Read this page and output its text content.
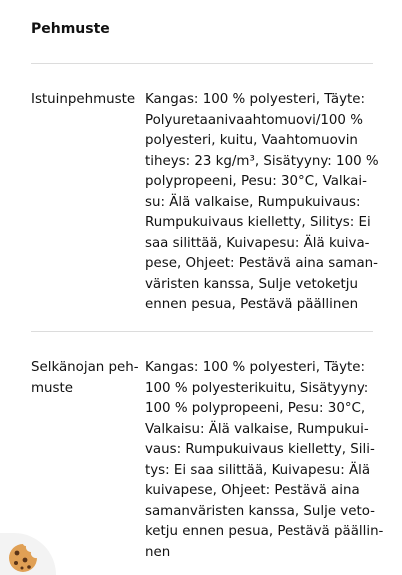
Pehmuste
Istuinpehmuste Kangas: 100 % polyesteri, Täyte:
Polyuretaanivaahtomuovi/100 %
polyesteri, kuitu, Vaahtomuovin
tiheys: 23 kg/m³, Sisätyyny: 100 %
polypropeeni, Pesu: 30°C, Valkai-
su: Älä valkaise, Rumpukuivaus:
Rumpukuivaus kielletty, Silitys: Ei
saa silittää, Kuivapesu: Älä kuiva-
pese, Ohjeet: Pestävä aina saman-
väristen kanssa, Sulje vetoketju
ennen pesua, Pestävä päällinen
Selkänojan peh-
muste
Kangas: 100 % polyesteri, Täyte:
100 % polyesterikuitu, Sisätyyny:
100 % polypropeeni, Pesu: 30°C,
Valkaisu: Älä valkaise, Rumpukui-
vaus: Rumpukuivaus kielletty, Sili-
tys: Ei saa silittää, Kuivapesu: Älä
kuivapese, Ohjeet: Pestävä aina
samanväristen kanssa, Sulje veto-
ketju ennen pesua, Pestävä päällin-
nen
